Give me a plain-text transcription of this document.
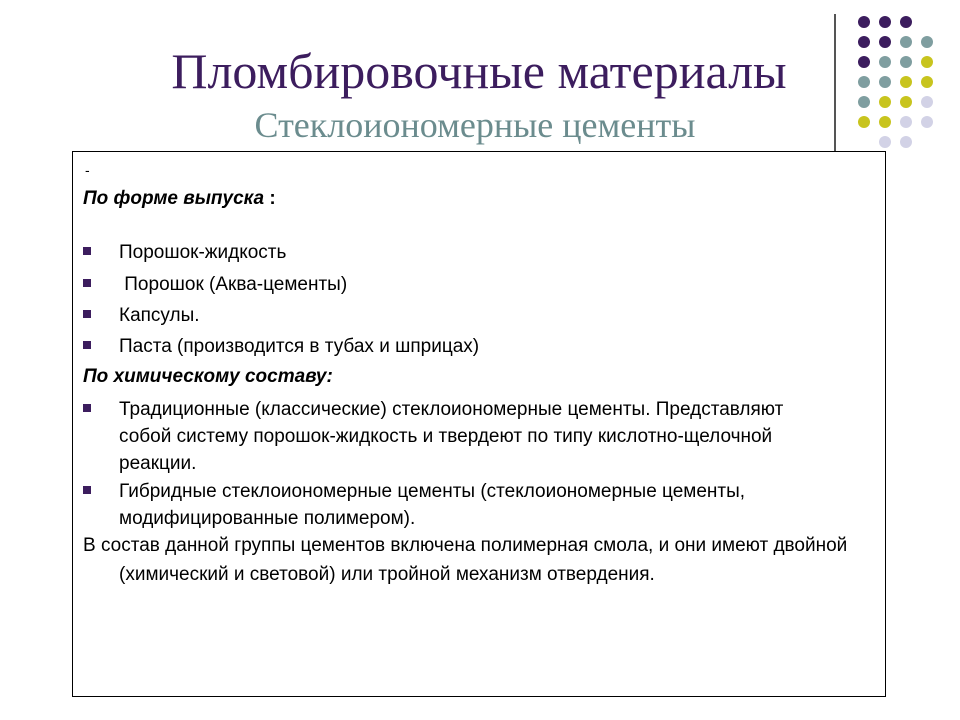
Пломбировочные материалы
Стеклоиономерные цементы
-
По форме выпуска :
Порошок-жидкость
Порошок (Аква-цементы)
Капсулы.
Паста (производится в тубах и шприцах)
По химическому составу:
Традиционные (классические) стеклоиономерные цементы. Представляют собой систему порошок-жидкость и твердеют по типу кислотно-щелочной реакции.
Гибридные стеклоиономерные цементы (стеклоиономерные цементы, модифицированные полимером).
В состав данной группы цементов включена полимерная смола, и они имеют двойной (химический и световой) или тройной механизм отвердения.
